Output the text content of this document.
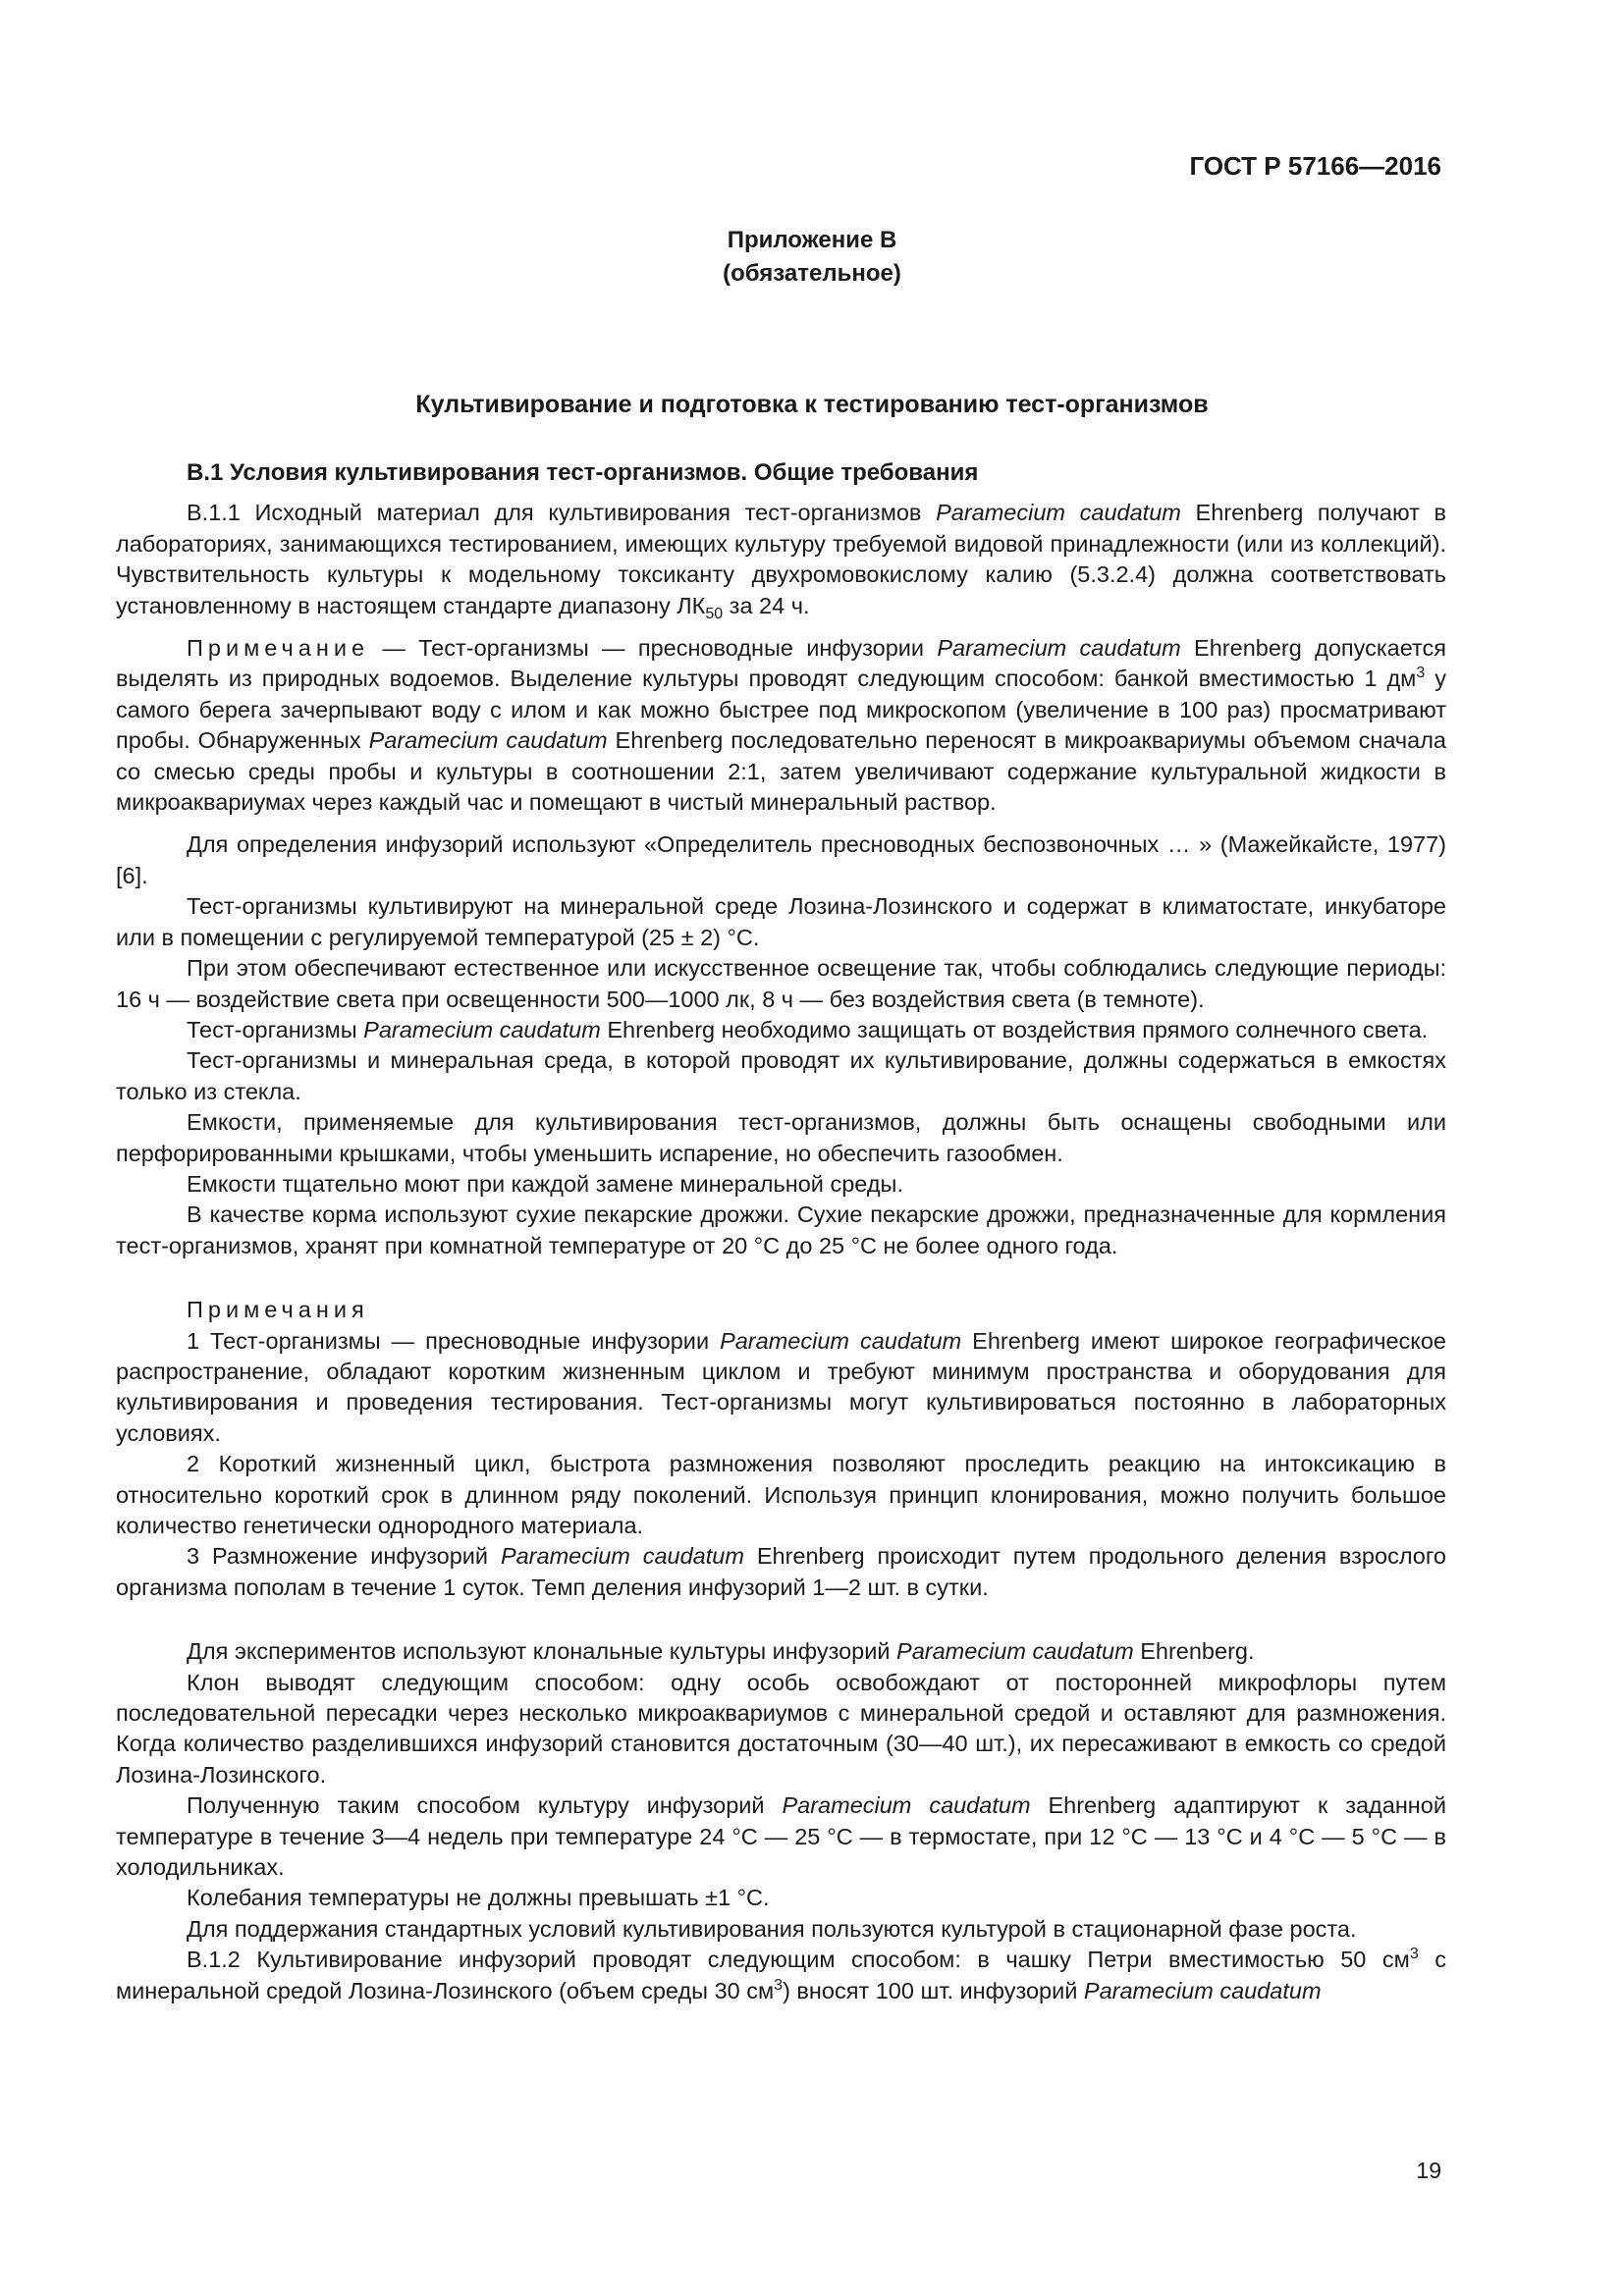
ГОСТ Р 57166—2016
Приложение В
(обязательное)
Культивирование и подготовка к тестированию тест-организмов
В.1 Условия культивирования тест-организмов. Общие требования

В.1.1 Исходный материал для культивирования тест-организмов Paramecium caudatum Ehrenberg получают в лабораториях, занимающихся тестированием, имеющих культуру требуемой видовой принадлежности (или из коллекций). Чувствительность культуры к модельному токсиканту двухромовокислому калию (5.3.2.4) должна соответствовать установленному в настоящем стандарте диапазону $ЛК_{50}$ за 24 ч.

Примечание — Тест-организмы — пресноводные инфузории Paramecium caudatum Ehrenberg допускается выделять из природных водоемов. Выделение культуры проводят следующим способом: банкой вместимостью 1 $дм^3$ у самого берега зачерпывают воду с илом и как можно быстрее под микроскопом (увеличение в 100 раз) просматривают пробы. Обнаруженных Paramecium caudatum Ehrenberg последовательно переносят в микроаквариумы объемом сначала со смесью среды пробы и культуры в соотношении 2:1, затем увеличивают содержание культуральной жидкости в микроаквариумах через каждый час и помещают в чистый минеральный раствор.

Для определения инфузорий используют «Определитель пресноводных беспозвоночных … » (Мажейкайсте, 1977) [6].

Тест-организмы культивируют на минеральной среде Лозина-Лозинского и содержат в климатостате, инкубаторе или в помещении с регулируемой температурой (25 ± 2) °С.

При этом обеспечивают естественное или искусственное освещение так, чтобы соблюдались следующие периоды: 16 ч — воздействие света при освещенности 500—1000 лк, 8 ч — без воздействия света (в темноте).

Тест-организмы Paramecium caudatum Ehrenberg необходимо защищать от воздействия прямого солнечного света.

Тест-организмы и минеральная среда, в которой проводят их культивирование, должны содержаться в емкостях только из стекла.

Емкости, применяемые для культивирования тест-организмов, должны быть оснащены свободными или перфорированными крышками, чтобы уменьшить испарение, но обеспечить газообмен.

Емкости тщательно моют при каждой замене минеральной среды.

В качестве корма используют сухие пекарские дрожжи. Сухие пекарские дрожжи, предназначенные для кормления тест-организмов, хранят при комнатной температуре от 20 °С до 25 °С не более одного года.

Примечания

1 Тест-организмы — пресноводные инфузории Paramecium caudatum Ehrenberg имеют широкое географическое распространение, обладают коротким жизненным циклом и требуют минимум пространства и оборудования для культивирования и проведения тестирования. Тест-организмы могут культивироваться постоянно в лабораторных условиях.

2 Короткий жизненный цикл, быстрота размножения позволяют проследить реакцию на интоксикацию в относительно короткий срок в длинном ряду поколений. Используя принцип клонирования, можно получить большое количество генетически однородного материала.

3 Размножение инфузорий Paramecium caudatum Ehrenberg происходит путем продольного деления взрослого организма пополам в течение 1 суток. Темп деления инфузорий 1—2 шт. в сутки.

Для экспериментов используют клональные культуры инфузорий Paramecium caudatum Ehrenberg.

Клон выводят следующим способом: одну особь освобождают от посторонней микрофлоры путем последовательной пересадки через несколько микроаквариумов с минеральной средой и оставляют для размножения. Когда количество разделившихся инфузорий становится достаточным (30—40 шт.), их пересаживают в емкость со средой Лозина-Лозинского.

Полученную таким способом культуру инфузорий Paramecium caudatum Ehrenberg адаптируют к заданной температуре в течение 3—4 недель при температуре 24 °С — 25 °С — в термостате, при 12 °С — 13 °С и 4 °С — 5 °С — в холодильниках.

Колебания температуры не должны превышать ±1 °С.

Для поддержания стандартных условий культивирования пользуются культурой в стационарной фазе роста.

В.1.2 Культивирование инфузорий проводят следующим способом: в чашку Петри вместимостью 50 $см^3$ с минеральной средой Лозина-Лозинского (объем среды 30 $см^3$) вносят 100 шт. инфузорий Paramecium caudatum

19
